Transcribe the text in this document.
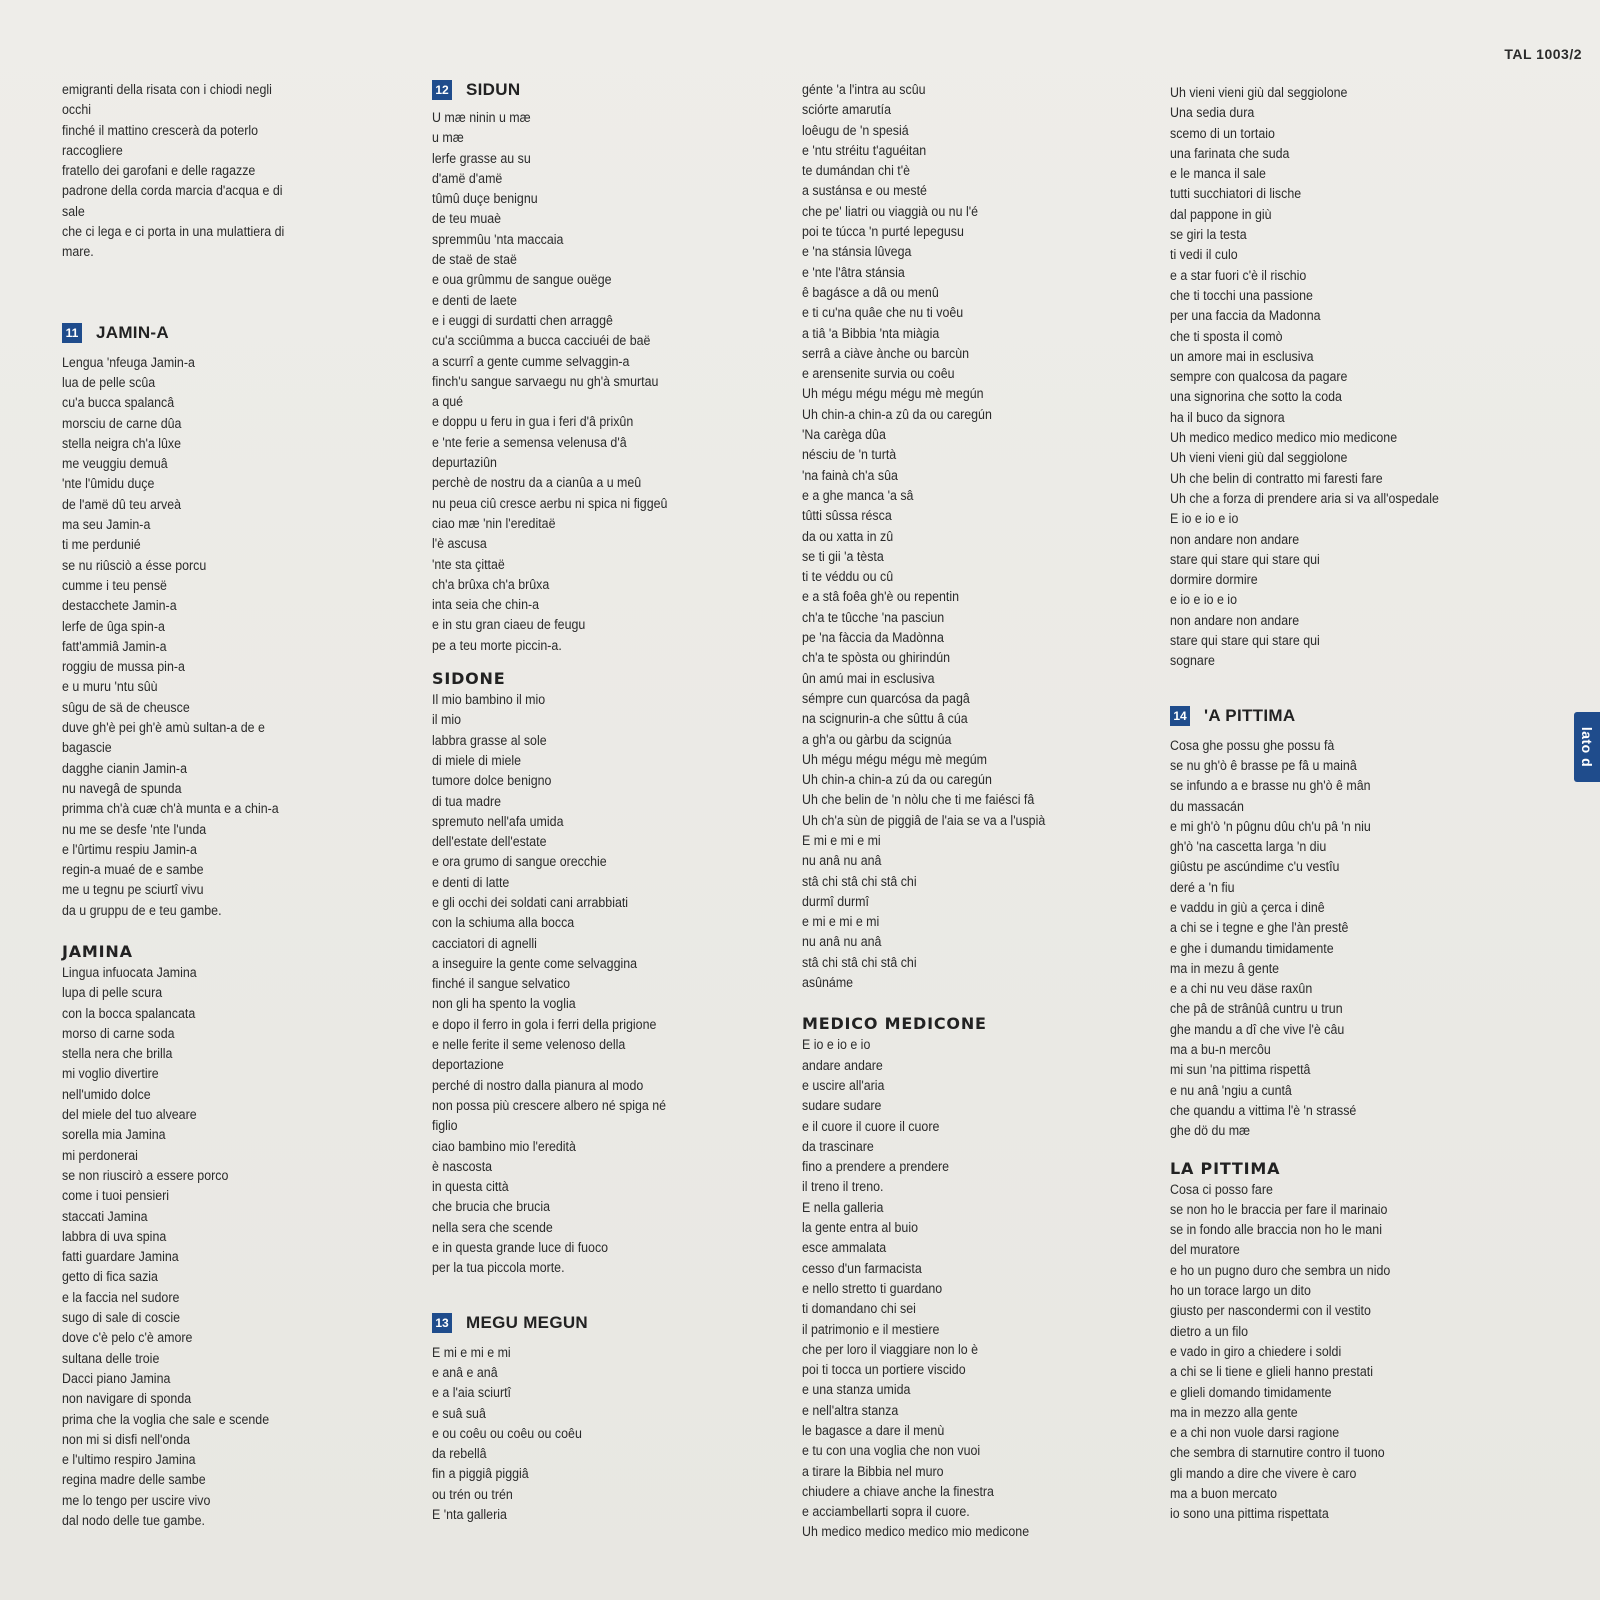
TAL 1003/2
lato d
emigranti della risata con i chiodi negli
occhi
finché il mattino crescerà da poterlo
raccogliere
fratello dei garofani e delle ragazze
padrone della corda marcia d'acqua e di
sale
che ci lega e ci porta in una mulattiera di
mare.
11 JAMIN-A
Lengua 'nfeuga Jamin-a
lua de pelle scûa
cu'a bucca spalancâ
morsciu de carne dûa
stella neigra ch'a lûxe
me veuggiu demuâ
'nte l'ûmidu duçe
de l'amë dû teu arveà
ma seu Jamin-a
ti me perdunié
se nu riûsciò a ésse porcu
cumme i teu pensë
destacchete Jamin-a
lerfe de ûga spin-a
fatt'ammiâ Jamin-a
roggiu de mussa pin-a
e u muru 'ntu sûù
sûgu de sä de cheusce
duve gh'è pei gh'è amù sultan-a de e
bagascie
dagghe cianin Jamin-a
nu navegâ de spunda
primma ch'à cuæ ch'à munta e a chin-a
nu me se desfe 'nte l'unda
e l'ûrtimu respiu Jamin-a
regin-a muaé de e sambe
me u tegnu pe sciurtî vivu
da u gruppu de e teu gambe.
JAMINA
Lingua infuocata Jamina
lupa di pelle scura
con la bocca spalancata
morso di carne soda
stella nera che brilla
mi voglio divertire
nell'umido dolce
del miele del tuo alveare
sorella mia Jamina
mi perdonerai
se non riuscirò a essere porco
come i tuoi pensieri
staccati Jamina
labbra di uva spina
fatti guardare Jamina
getto di fica sazia
e la faccia nel sudore
sugo di sale di coscie
dove c'è pelo c'è amore
sultana delle troie
Dacci piano Jamina
non navigare di sponda
prima che la voglia che sale e scende
non mi si disfi nell'onda
e l'ultimo respiro Jamina
regina madre delle sambe
me lo tengo per uscire vivo
dal nodo delle tue gambe.
12 SIDUN
U mæ ninin u mæ
u mæ
lerfe grasse au su
d'amë d'amë
tûmû duçe benignu
de teu muaè
spremmûu 'nta maccaia
de staë de staë
e oua grûmmu de sangue ouëge
e denti de laete
e i euggi di surdatti chen arraggê
cu'a scciûmma a bucca cacciuéi de baë
a scurrî a gente cumme selvaggin-a
finch'u sangue sarvaegu nu gh'à smurtau
a qué
e doppu u feru in gua i feri d'â prixûn
e 'nte ferie a semensa velenusa d'â
depurtaziûn
perchè de nostru da a cianûa a u meû
nu peua ciû cresce aerbu ni spica ni figgeû
ciao mæ 'nin l'ereditaë
l'è ascusa
'nte sta çittaë
ch'a brûxa ch'a brûxa
inta seia che chin-a
e in stu gran ciaeu de feugu
pe a teu morte piccin-a.
SIDONE
Il mio bambino il mio
il mio
labbra grasse al sole
di miele di miele
tumore dolce benigno
di tua madre
spremuto nell'afa umida
dell'estate dell'estate
e ora grumo di sangue orecchie
e denti di latte
e gli occhi dei soldati cani arrabbiati
con la schiuma alla bocca
cacciatori di agnelli
a inseguire la gente come selvaggina
finché il sangue selvatico
non gli ha spento la voglia
e dopo il ferro in gola i ferri della prigione
e nelle ferite il seme velenoso della
deportazione
perché di nostro dalla pianura al modo
non possa più crescere albero né spiga né
figlio
ciao bambino mio l'eredità
è nascosta
in questa città
che brucia che brucia
nella sera che scende
e in questa grande luce di fuoco
per la tua piccola morte.
13 MEGU MEGUN
E mi e mi e mi
e anâ e anâ
e a l'aia sciurtî
e suâ suâ
e ou coêu ou coêu ou coêu
da rebellâ
fin a piggiâ piggiâ
ou trén ou trén
E 'nta galleria
génte 'a l'intra au scûu
sciórte amarutía
loêugu de 'n spesiá
e 'ntu stréitu t'aguéitan
te dumándan chi t'è
a sustánsa e ou mesté
che pe' liatri ou viaggià ou nu l'é
poi te túcca 'n purté lepegusu
e 'na stánsia lûvega
e 'nte l'âtra stánsia
ê bagásce a dâ ou menû
e ti cu'na quâe che nu ti voêu
a tiâ 'a Bibbia 'nta miàgia
serrâ a ciàve ànche ou barcùn
e arensenite survia ou coêu
Uh mégu mégu mégu mè megún
Uh chin-a chin-a zû da ou caregún
'Na carèga dûa
nésciu de 'n turtà
'na fainà ch'a sûa
e a ghe manca 'a sâ
tûtti sûssa résca
da ou xatta in zû
se ti gii 'a tèsta
ti te véddu ou cû
e a stâ foêa gh'è ou repentin
ch'a te tûcche 'na pasciun
pe 'na fàccia da Madònna
ch'a te spòsta ou ghirindún
ûn amú mai in esclusiva
sémpre cun quarcósa da pagâ
na scignurin-a che sûttu â cúa
a gh'a ou gàrbu da scignúa
Uh mégu mégu mégu mè megúm
Uh chin-a chin-a zú da ou caregún
Uh che belin de 'n nòlu che ti me faiésci fâ
Uh ch'a sùn de piggiâ de l'aia se va a l'uspià
E mi e mi e mi
nu anâ nu anâ
stâ chi stâ chi stâ chi
durmî durmî
e mi e mi e mi
nu anâ nu anâ
stâ chi stâ chi stâ chi
asûnáme
MEDICO MEDICONE
E io e io e io
andare andare
e uscire all'aria
sudare sudare
e il cuore il cuore il cuore
da trascinare
fino a prendere a prendere
il treno il treno.
E nella galleria
la gente entra al buio
esce ammalata
cesso d'un farmacista
e nello stretto ti guardano
ti domandano chi sei
il patrimonio e il mestiere
che per loro il viaggiare non lo è
poi ti tocca un portiere viscido
e una stanza umida
e nell'altra stanza
le bagasce a dare il menù
e tu con una voglia che non vuoi
a tirare la Bibbia nel muro
chiudere a chiave anche la finestra
e acciambellarti sopra il cuore.
Uh medico medico medico mio medicone
Uh vieni vieni giù dal seggiolone
Una sedia dura
scemo di un tortaio
una farinata che suda
e le manca il sale
tutti succhiatori di lische
dal pappone in giù
se giri la testa
ti vedi il culo
e a star fuori c'è il rischio
che ti tocchi una passione
per una faccia da Madonna
che ti sposta il comò
un amore mai in esclusiva
sempre con qualcosa da pagare
una signorina che sotto la coda
ha il buco da signora
Uh medico medico medico mio medicone
Uh vieni vieni giù dal seggiolone
Uh che belin di contratto mi faresti fare
Uh che a forza di prendere aria si va all'ospedale
E io e io e io
non andare non andare
stare qui stare qui stare qui
dormire dormire
e io e io e io
non andare non andare
stare qui stare qui stare qui
sognare
14 'A PITTIMA
Cosa ghe possu ghe possu fà
se nu gh'ò ê brasse pe fâ u mainâ
se infundo a e brasse nu gh'ò ê mân
du massacán
e mi gh'ò 'n pûgnu dûu ch'u pâ 'n niu
gh'ò 'na cascetta larga 'n diu
giûstu pe ascúndime c'u vestîu
deré a 'n fiu
e vaddu in giù a çerca i dinê
a chi se i tegne e ghe l'àn prestê
e ghe i dumandu timidamente
ma in mezu â gente
e a chi nu veu däse raxûn
che pâ de strânûâ cuntru u trun
ghe mandu a dî che vive l'è câu
ma a bu-n mercôu
mi sun 'na pittima rispettâ
e nu anâ 'ngiu a cuntâ
che quandu a vittima l'è 'n strassé
ghe dö du mæ
LA PITTIMA
Cosa ci posso fare
se non ho le braccia per fare il marinaio
se in fondo alle braccia non ho le mani
del muratore
e ho un pugno duro che sembra un nido
ho un torace largo un dito
giusto per nascondermi con il vestito
dietro a un filo
e vado in giro a chiedere i soldi
a chi se li tiene e glieli hanno prestati
e glieli domando timidamente
ma in mezzo alla gente
e a chi non vuole darsi ragione
che sembra di starnutire contro il tuono
gli mando a dire che vivere è caro
ma a buon mercato
io sono una pittima rispettata
